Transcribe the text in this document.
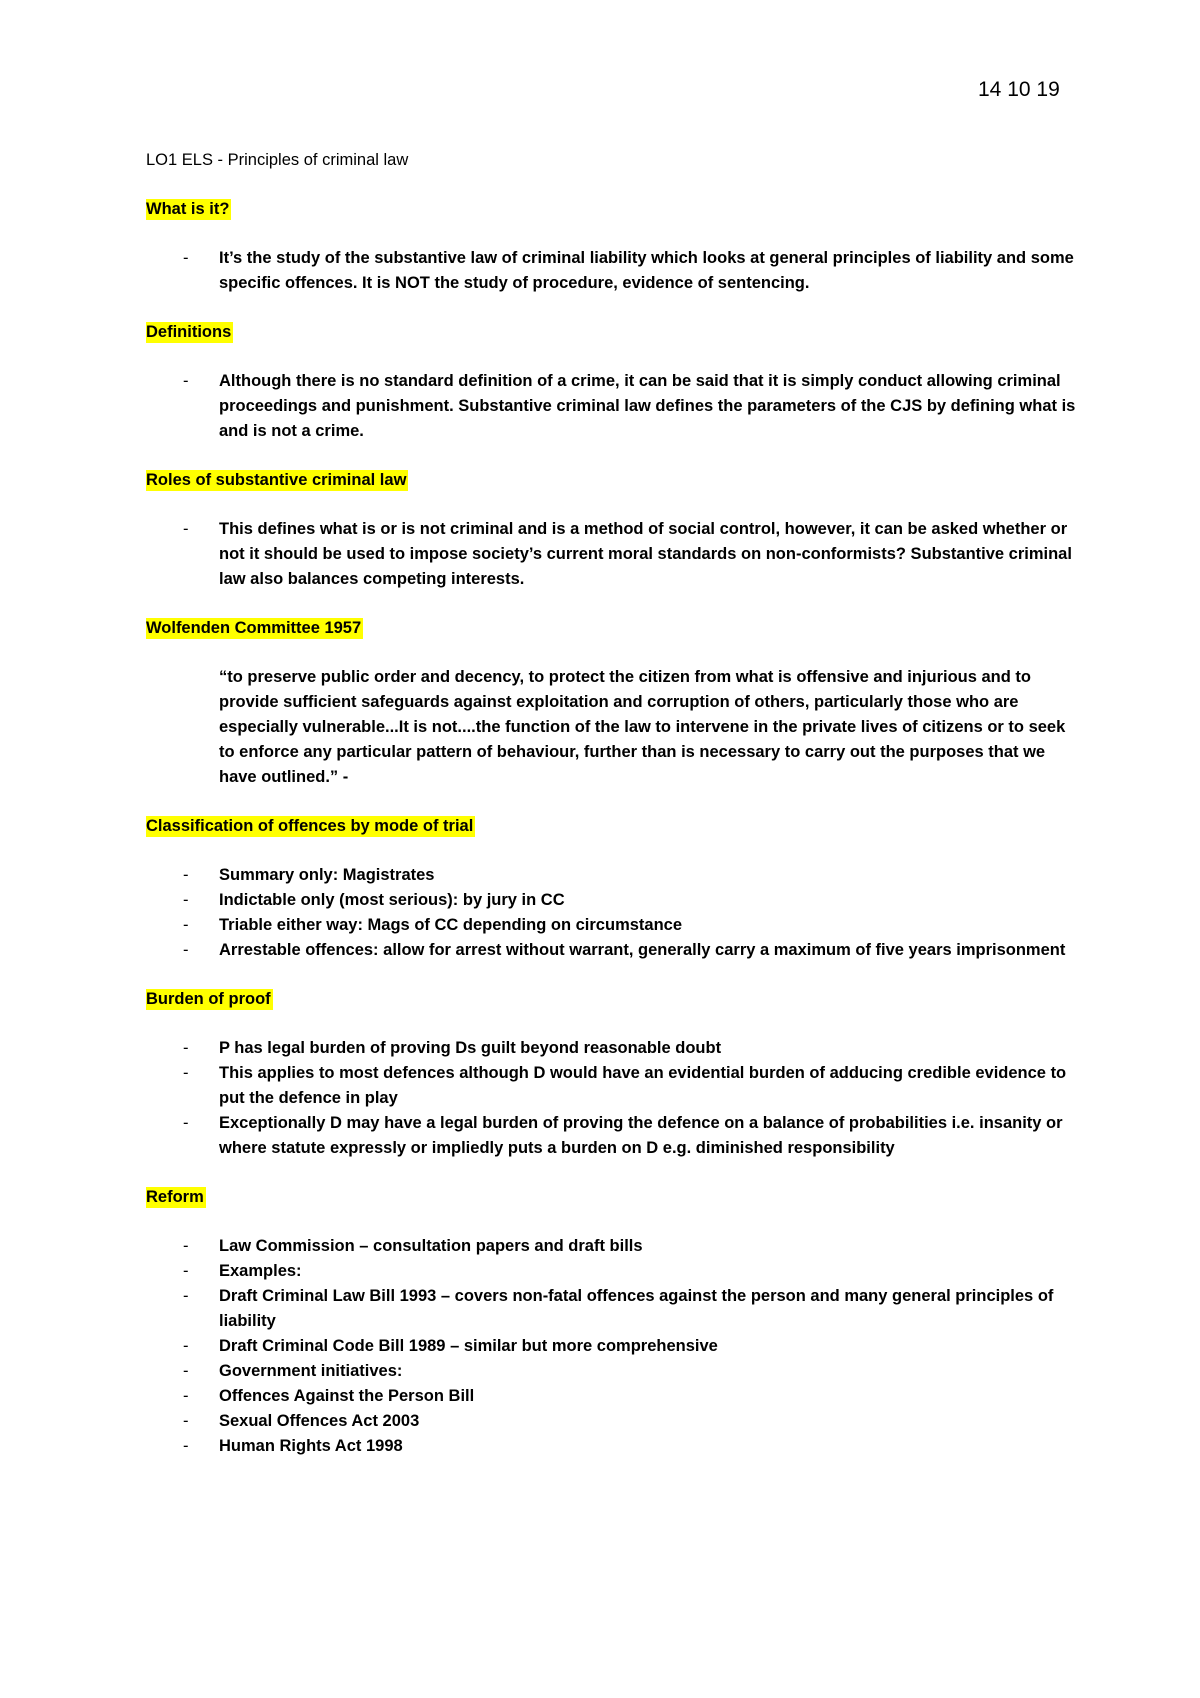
14 10 19

LO1 ELS - Principles of criminal law

What is it?
- It’s the study of the substantive law of criminal liability which looks at general principles of liability and some specific offences. It is NOT the study of procedure, evidence of sentencing.
Definitions
- Although there is no standard definition of a crime, it can be said that it is simply conduct allowing criminal proceedings and punishment. Substantive criminal law defines the parameters of the CJS by defining what is and is not a crime.
Roles of substantive criminal law
- This defines what is or is not criminal and is a method of social control, however, it can be asked whether or not it should be used to impose society’s current moral standards on non-conformists? Substantive criminal law also balances competing interests.
Wolfenden Committee 1957

“to preserve public order and decency, to protect the citizen from what is offensive and injurious and to provide sufficient safeguards against exploitation and corruption of others, particularly those who are especially vulnerable...It is not....the function of the law to intervene in the private lives of citizens or to seek to enforce any particular pattern of behaviour, further than is necessary to carry out the purposes that we have outlined.” -

Classification of offences by mode of trial
- Summary only: Magistrates
- Indictable only (most serious): by jury in CC
- Triable either way: Mags of CC depending on circumstance
- Arrestable offences: allow for arrest without warrant, generally carry a maximum of five years imprisonment
Burden of proof
- P has legal burden of proving Ds guilt beyond reasonable doubt
- This applies to most defences although D would have an evidential burden of adducing credible evidence to put the defence in play
- Exceptionally D may have a legal burden of proving the defence on a balance of probabilities i.e. insanity or where statute expressly or impliedly puts a burden on D e.g. diminished responsibility
Reform
- Law Commission – consultation papers and draft bills
- Examples:
- Draft Criminal Law Bill 1993 – covers non-fatal offences against the person and many general principles of liability
- Draft Criminal Code Bill 1989 – similar but more comprehensive
- Government initiatives:
- Offences Against the Person Bill
- Sexual Offences Act 2003
- Human Rights Act 1998
